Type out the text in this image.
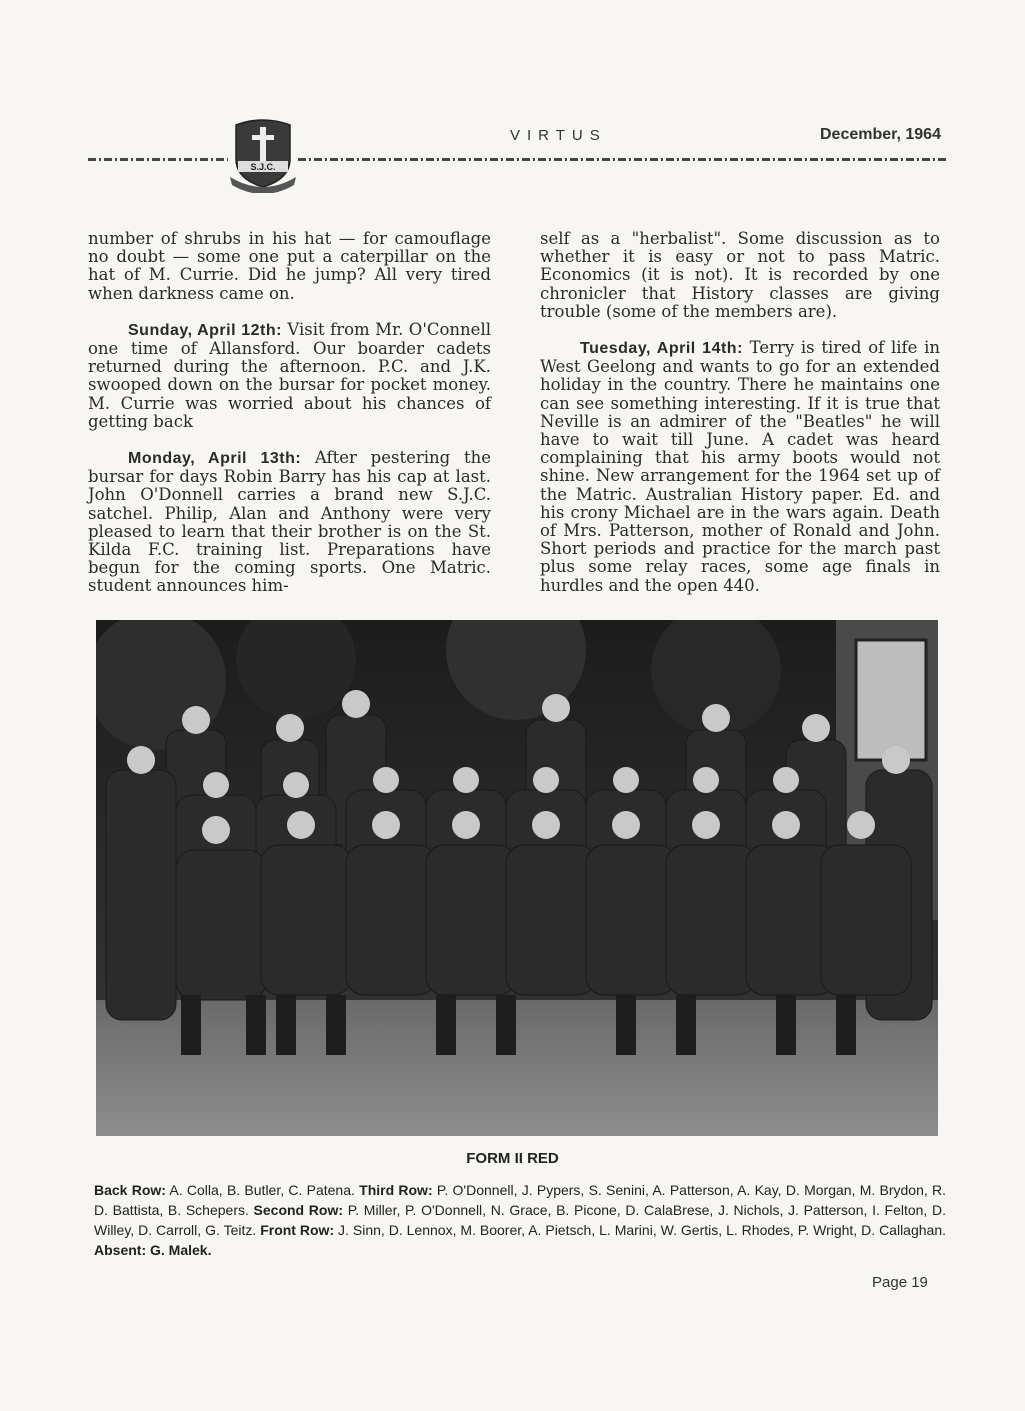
S.J.C.
VIRTUS	December, 1964

number of shrubs in his hat — for camouflage no doubt — some one put a caterpillar on the hat of M. Currie. Did he jump? All very tired when darkness came on.

Sunday, April 12th: Visit from Mr. O'Connell one time of Allansford. Our boarder cadets returned during the afternoon. P.C. and J.K. swooped down on the bursar for pocket money. M. Currie was worried about his chances of getting back

Monday, April 13th: After pestering the bursar for days Robin Barry has his cap at last. John O'Donnell carries a brand new S.J.C. satchel. Philip, Alan and Anthony were very pleased to learn that their brother is on the St. Kilda F.C. training list. Preparations have begun for the coming sports. One Matric. student announces him-

self as a "herbalist". Some discussion as to whether it is easy or not to pass Matric. Economics (it is not). It is recorded by one chronicler that History classes are giving trouble (some of the members are).

Tuesday, April 14th: Terry is tired of life in West Geelong and wants to go for an extended holiday in the country. There he maintains one can see something interesting. If it is true that Neville is an admirer of the "Beatles" he will have to wait till June. A cadet was heard complaining that his army boots would not shine. New arrangement for the 1964 set up of the Matric. Australian History paper. Ed. and his crony Michael are in the wars again. Death of Mrs. Patterson, mother of Ronald and John. Short periods and practice for the march past plus some relay races, some age finals in hurdles and the open 440.

FORM II RED
Back Row: A. Colla, B. Butler, C. Patena. Third Row: P. O'Donnell, J. Pypers, S. Senini, A. Patterson, A. Kay, D. Morgan, M. Brydon, R. D. Battista, B. Schepers. Second Row: P. Miller, P. O'Donnell, N. Grace, B. Picone, D. CalaBrese, J. Nichols, J. Patterson, I. Felton, D. Willey, D. Carroll, G. Teitz. Front Row: J. Sinn, D. Lennox, M. Boorer, A. Pietsch, L. Marini, W. Gertis, L. Rhodes, P. Wright, D. Callaghan. Absent: G. Malek.
Page 19
